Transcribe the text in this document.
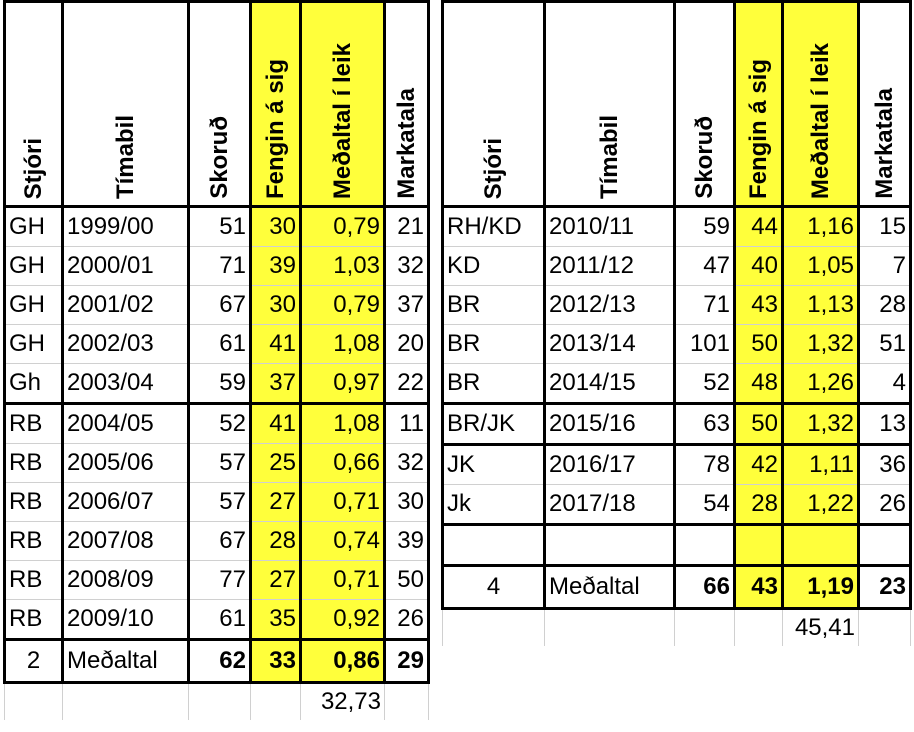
Stjóri	Tímabil	Skoruð	Fengin á sig	Meðaltal í leik	Markatala

GH	1999/00	51	30	0,79	21
GH	2000/01	71	39	1,03	32
GH	2001/02	67	30	0,79	37
GH	2002/03	61	41	1,08	20
Gh	2003/04	59	37	0,97	22
RB	2004/05	52	41	1,08	11
RB	2005/06	57	25	0,66	32
RB	2006/07	57	27	0,71	30
RB	2007/08	67	28	0,74	39
RB	2008/09	77	27	0,71	50
RB	2009/10	61	35	0,92	26
2	Meðaltal	62	33	0,86	29
				32,73	
Stjóri	Tímabil	Skoruð	Fengin á sig	Meðaltal í leik	Markatala

RH/KD	2010/11	59	44	1,16	15
KD	2011/12	47	40	1,05	7
BR	2012/13	71	43	1,13	28
BR	2013/14	101	50	1,32	51
BR	2014/15	52	48	1,26	4
BR/JK	2015/16	63	50	1,32	13
JK	2016/17	78	42	1,11	36
Jk	2017/18	54	28	1,22	26

4	Meðaltal	66	43	1,19	23
				45,41	
